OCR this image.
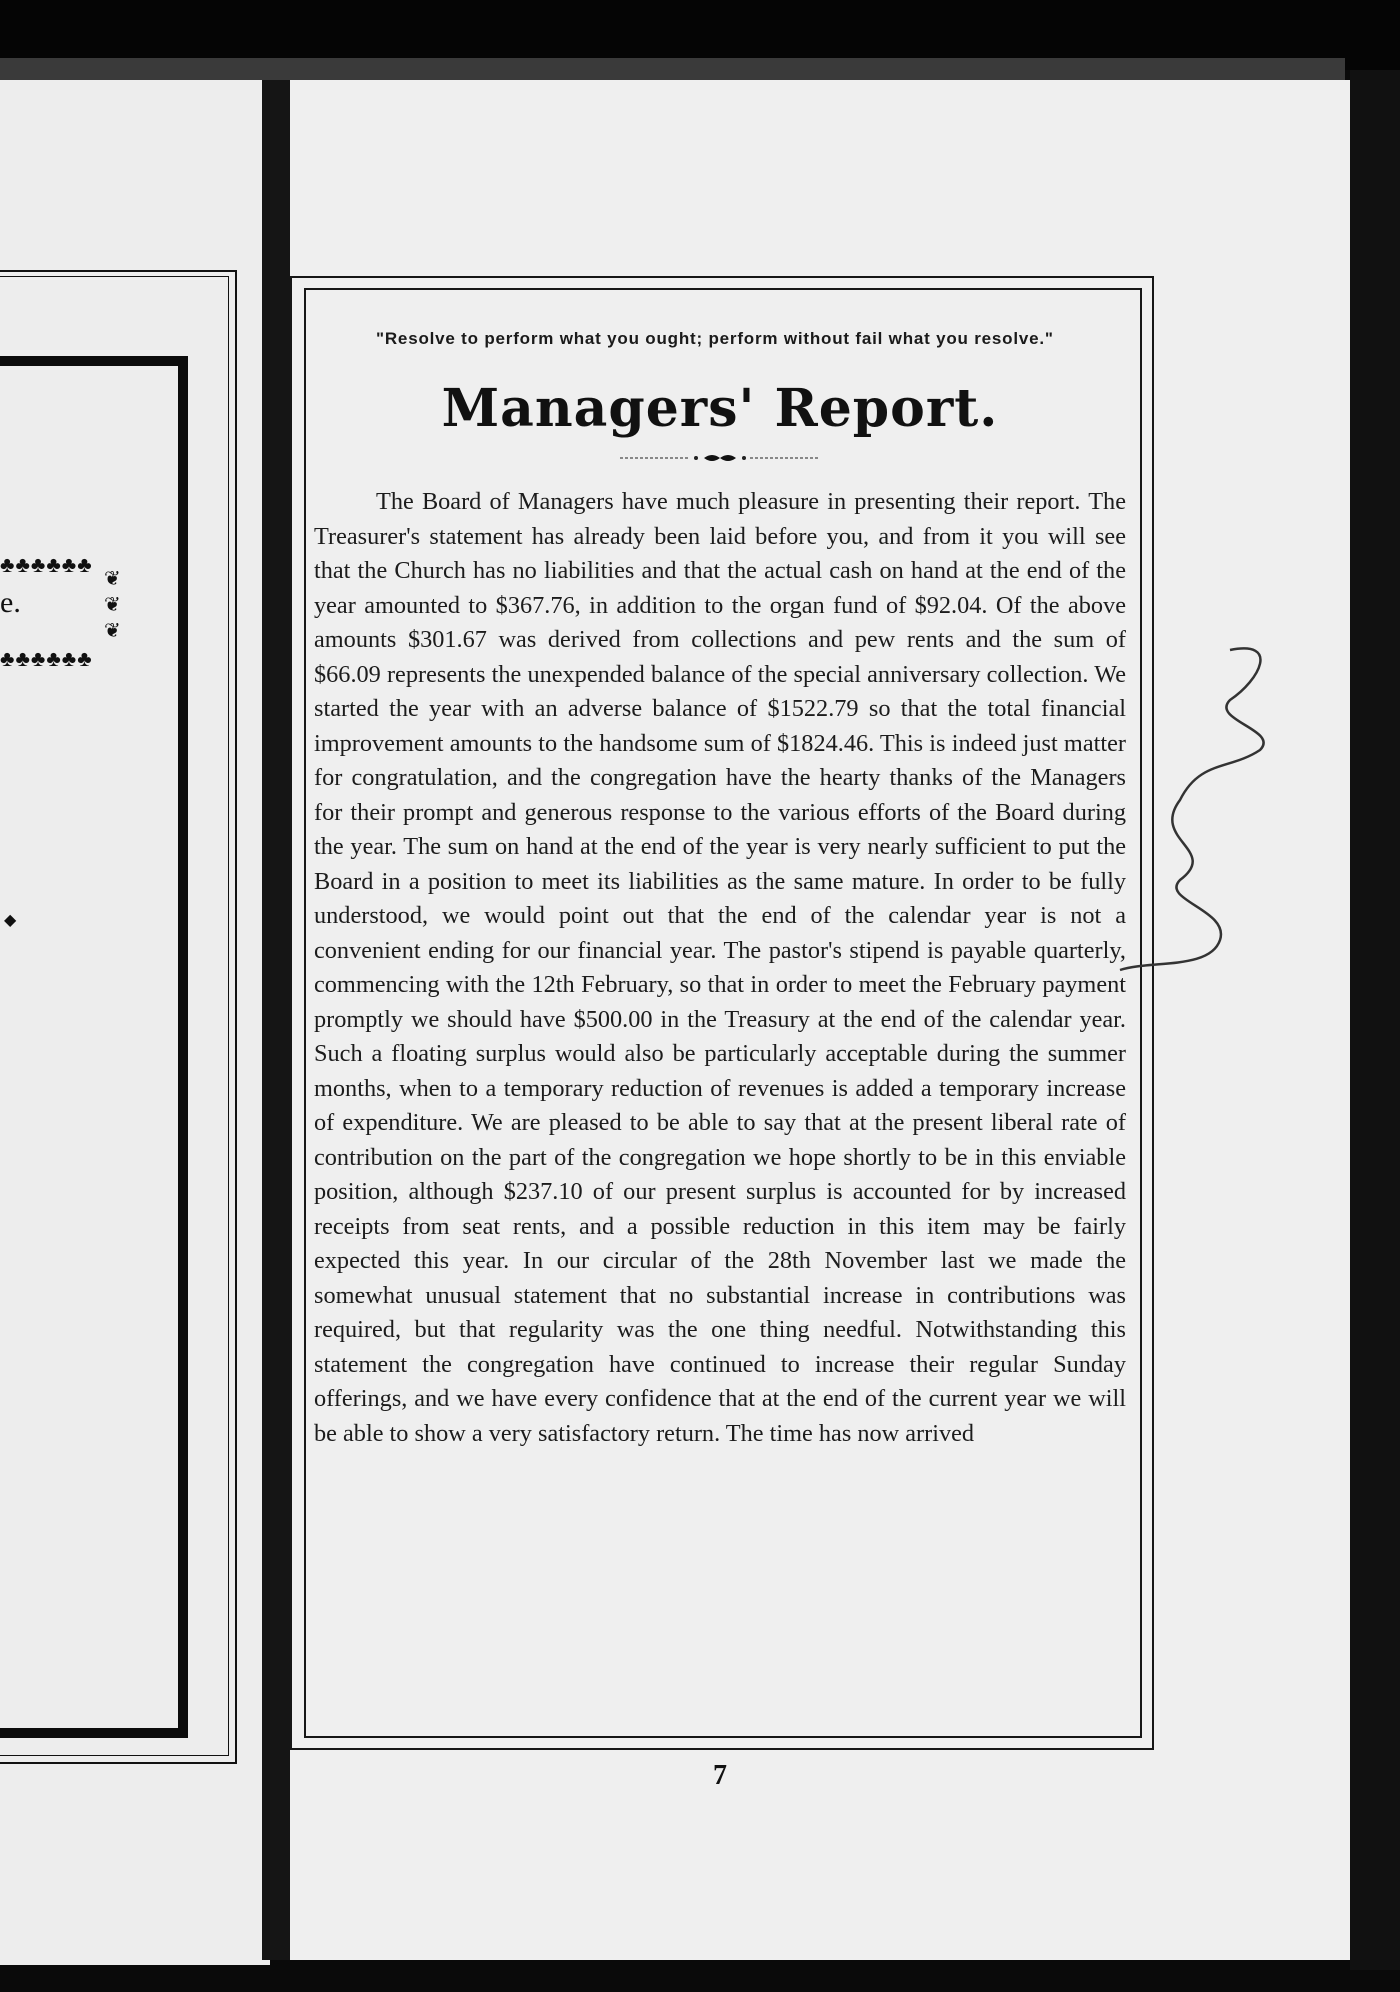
♣♣♣♣♣♣
♣♣♣♣♣♣
❦
❦
❦
e.
◆

"Resolve to perform what you ought; perform without fail what you resolve."

Managers' Report.

The Board of Managers have much pleasure in presenting their report. The Treasurer's statement has already been laid before you, and from it you will see that the Church has no liabilities and that the actual cash on hand at the end of the year amounted to $367.76, in addition to the organ fund of $92.04. Of the above amounts $301.67 was derived from collections and pew rents and the sum of $66.09 represents the unexpended balance of the special anniversary collection. We started the year with an adverse balance of $1522.79 so that the total financial improvement amounts to the handsome sum of $1824.46. This is indeed just matter for congratulation, and the congregation have the hearty thanks of the Managers for their prompt and generous response to the various efforts of the Board during the year. The sum on hand at the end of the year is very nearly sufficient to put the Board in a position to meet its liabilities as the same mature. In order to be fully understood, we would point out that the end of the calendar year is not a convenient ending for our financial year. The pastor's stipend is payable quarterly, commencing with the 12th February, so that in order to meet the February payment promptly we should have $500.00 in the Treasury at the end of the calendar year. Such a floating surplus would also be particularly acceptable during the summer months, when to a temporary reduction of revenues is added a temporary increase of expenditure. We are pleased to be able to say that at the present liberal rate of contribution on the part of the congregation we hope shortly to be in this enviable position, although $237.10 of our present surplus is accounted for by increased receipts from seat rents, and a possible reduction in this item may be fairly expected this year. In our circular of the 28th November last we made the somewhat unusual statement that no substantial increase in contributions was required, but that regularity was the one thing needful. Notwithstanding this statement the congregation have continued to increase their regular Sunday offerings, and we have every confidence that at the end of the current year we will be able to show a very satisfactory return. The time has now arrived

7
